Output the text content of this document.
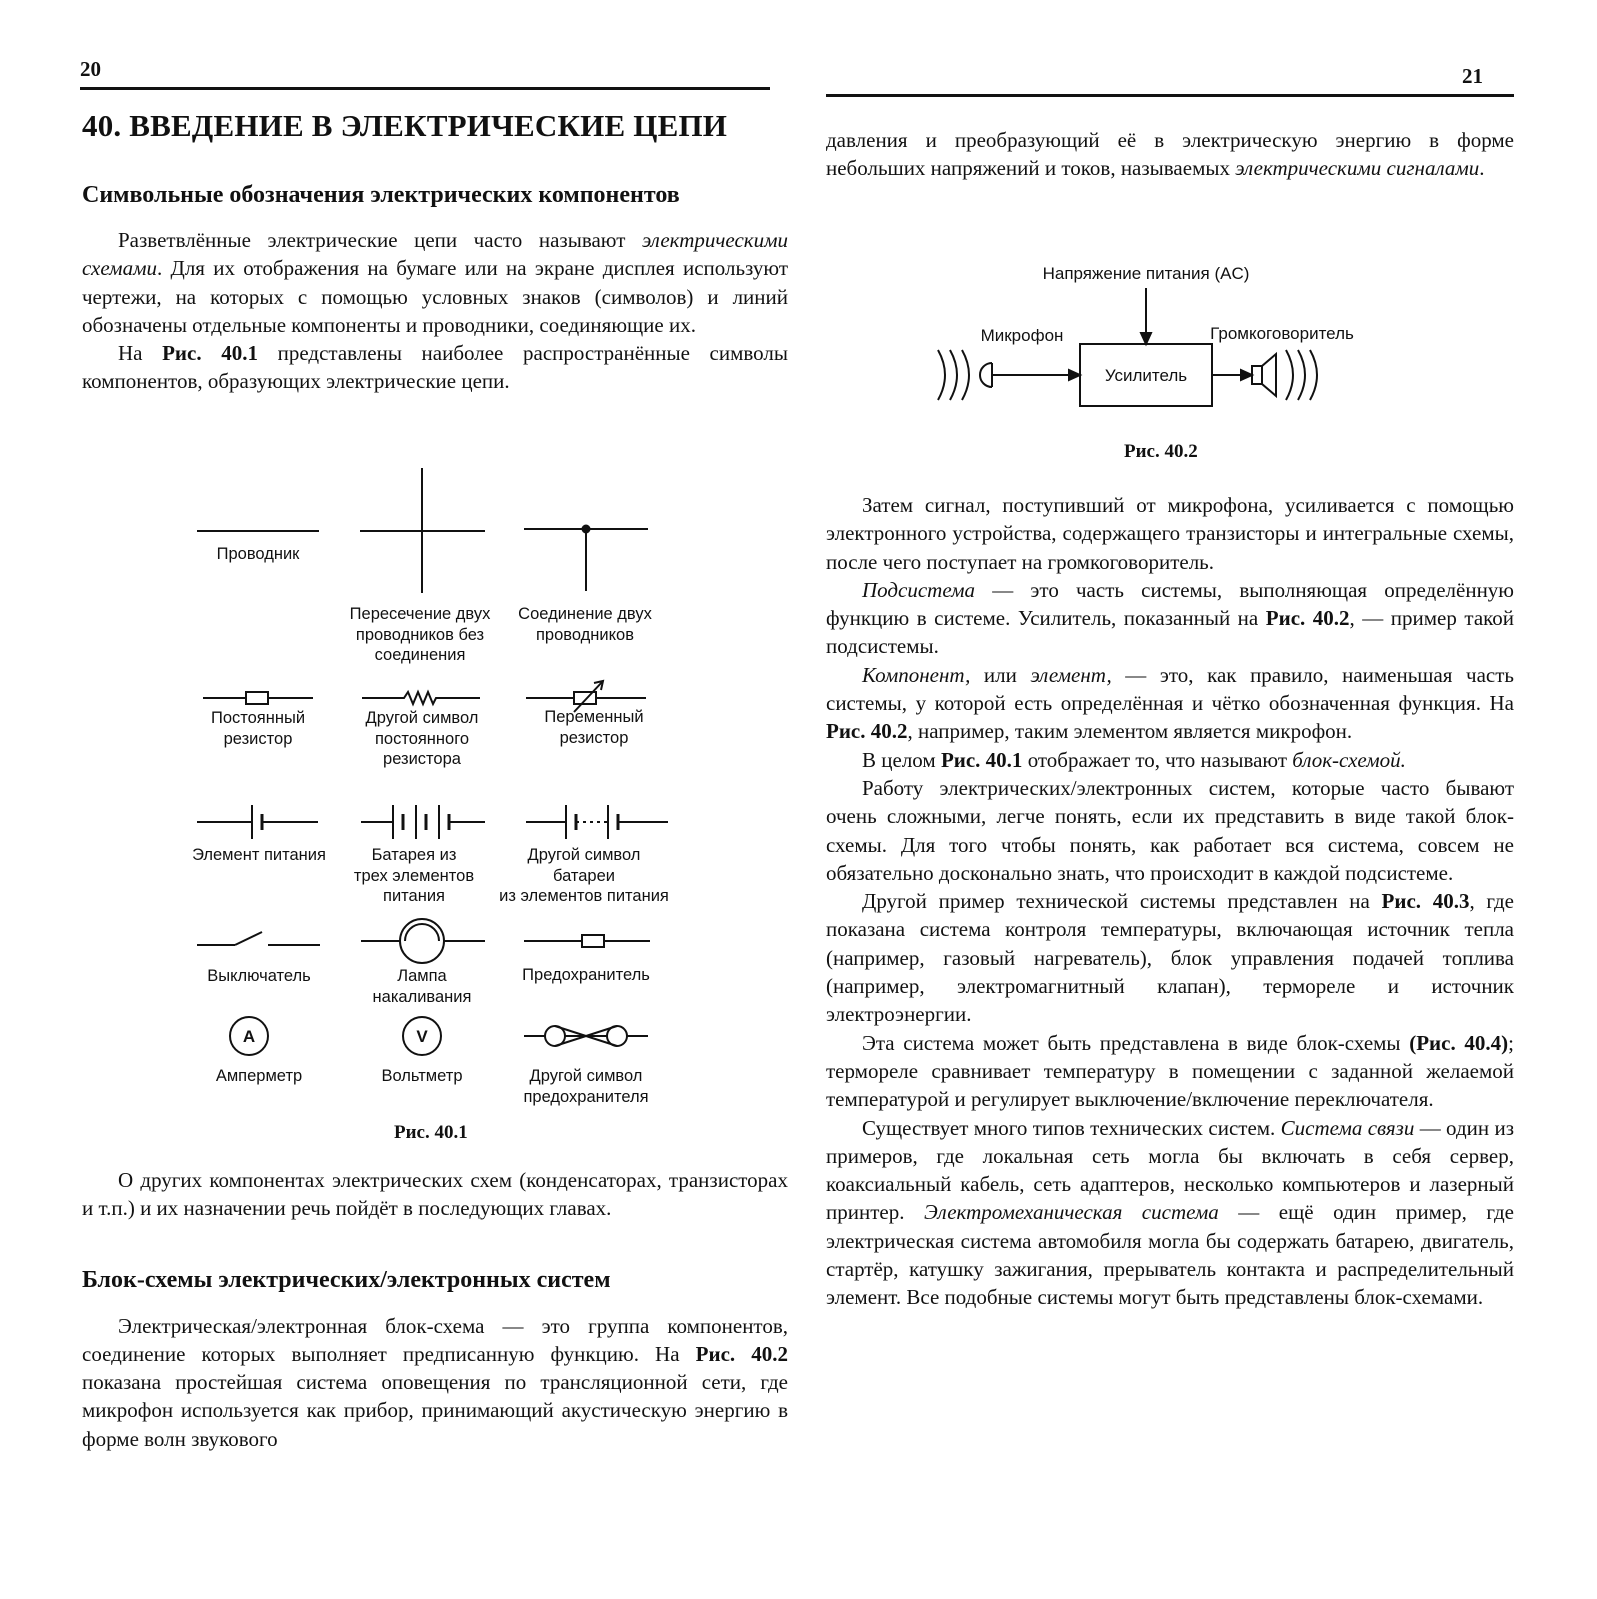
20	21
40. ВВЕДЕНИЕ В ЭЛЕКТРИЧЕСКИЕ ЦЕПИ
Символьные обозначения электрических компонентов

Разветвлённые электрические цепи часто называют электрическими схемами. Для их отображения на бумаге или на экране дисплея используют чертежи, на которых с помощью условных знаков (символов) и линий обозначены отдельные компоненты и проводники, соединяющие их.

На Рис. 40.1 представлены наиболее распространённые символы компонентов, образующих электрические цепи.

A	V
Проводник
Пересечение двух
проводников без
соединения
Соединение двух
проводников
Постоянный
резистор
Другой символ
постоянного
резистора
Переменный
резистор
Элемент питания	Батарея из
трех элементов
питания
Другой символ
батареи
из элементов питания
Выключатель	Лампа
накаливания
Предохранитель
Амперметр	Вольтметр	Другой символ
предохранителя
Рис. 40.1

О других компонентах электрических схем (конденсаторах, транзисторах и т.п.) и их назначении речь пойдёт в последующих главах.

Блок-схемы электрических/электронных систем

Электрическая/электронная блок-схема — это группа компонентов, соединение которых выполняет предписанную функцию. На Рис. 40.2 показана простейшая система оповещения по трансляционной сети, где микрофон используется как прибор, принимающий акустическую энергию в форме волн звукового

давления и преобразующий её в электрическую энергию в форме небольших напряжений и токов, называемых электрическими сигналами.

Напряжение питания (AC)
Микрофон	Громкоговоритель
Усилитель
Рис. 40.2

Затем сигнал, поступивший от микрофона, усиливается с помощью электронного устройства, содержащего транзисторы и интегральные схемы, после чего поступает на громкоговоритель.

Подсистема — это часть системы, выполняющая определённую функцию в системе. Усилитель, показанный на Рис. 40.2, — пример такой подсистемы.

Компонент, или элемент, — это, как правило, наименьшая часть системы, у которой есть определённая и чётко обозначенная функция. На Рис. 40.2, например, таким элементом является микрофон.

В целом Рис. 40.1 отображает то, что называют блок-схемой.

Работу электрических/электронных систем, которые часто бывают очень сложными, легче понять, если их представить в виде такой блок-схемы. Для того чтобы понять, как работает вся система, совсем не обязательно досконально знать, что происходит в каждой подсистеме.

Другой пример технической системы представлен на Рис. 40.3, где показана система контроля температуры, включающая источник тепла (например, газовый нагреватель), блок управления подачей топлива (например, электромагнитный клапан), термореле и источник электроэнергии.

Эта система может быть представлена в виде блок-схемы (Рис. 40.4); термореле сравнивает температуру в помещении с заданной желаемой температурой и регулирует выключение/включение переключателя.

Существует много типов технических систем. Система связи — один из примеров, где локальная сеть могла бы включать в себя сервер, коаксиальный кабель, сеть адаптеров, несколько компьютеров и лазерный принтер. Электромеханическая система — ещё один пример, где электрическая система автомобиля могла бы содержать батарею, двигатель, стартёр, катушку зажигания, прерыватель контакта и распределительный элемент. Все подобные системы могут быть представлены блок-схемами.
